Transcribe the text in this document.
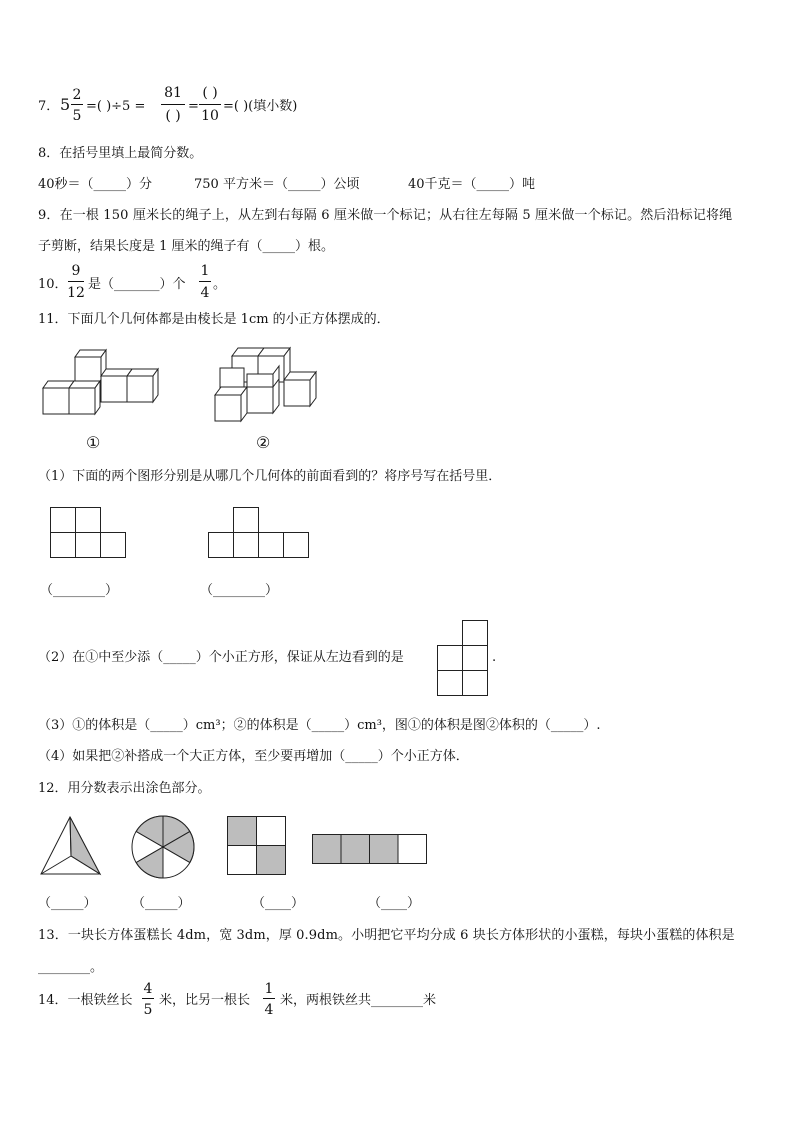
7． 5 2
5
=( )÷5 =
81
( )
=
( )
10
=( )(填小数)
8．在括号里填上最简分数。
40秒＝（_____）分	750 平方米＝（_____）公顷	40千克＝（_____）吨
9．在一根 150 厘米长的绳子上，从左到右每隔 6 厘米做一个标记；从右往左每隔 5 厘米做一个标记。然后沿标记将绳
子剪断，结果长度是 1 厘米的绳子有（_____）根。
10．
9
12
是（_______）个
1
4
。
11．下面几个几何体都是由棱长是 1cm 的小正方体摆成的．
①	②
（1）下面的两个图形分别是从哪几个几何体的前面看到的？将序号写在括号里．
（________）	（________）
（2）在①中至少添（_____）个小正方形，保证从左边看到的是	.
（3）①的体积是（_____）cm³；②的体积是（_____）cm³，图①的体积是图②体积的（_____）.
（4）如果把②补搭成一个大正方体，至少要再增加（_____）个小正方体．
12．用分数表示出涂色部分。
（_____）	（_____）	（____）	（____）
13．一块长方体蛋糕长 4dm，宽 3dm，厚 0.9dm。小明把它平均分成 6 块长方体形状的小蛋糕，每块小蛋糕的体积是
________。
14．一根铁丝长
4
5
米，比另一根长
1
4
米，两根铁丝共________米
